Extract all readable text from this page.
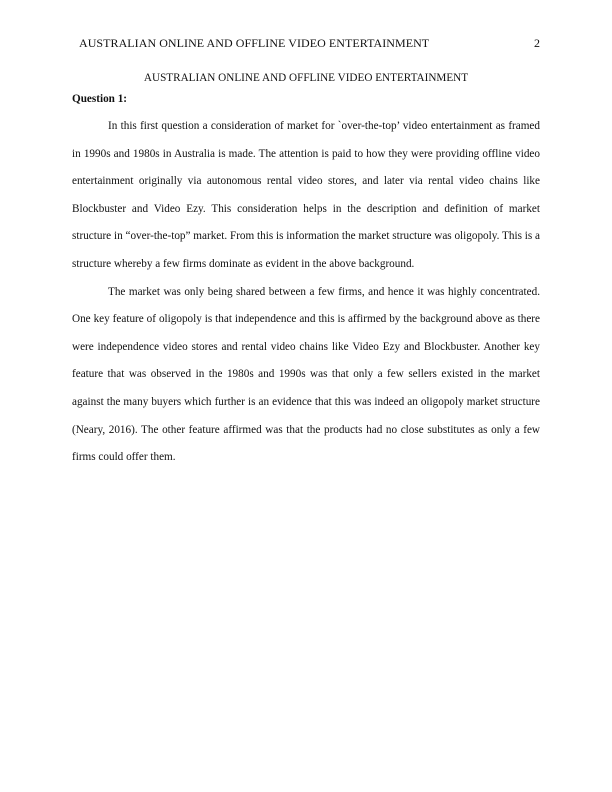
AUSTRALIAN ONLINE AND OFFLINE VIDEO ENTERTAINMENT	2
AUSTRALIAN ONLINE AND OFFLINE VIDEO ENTERTAINMENT
Question 1:

In this first question a consideration of market for `over-the-top’ video entertainment as framed in 1990s and 1980s in Australia is made. The attention is paid to how they were providing offline video entertainment originally via autonomous rental video stores, and later via rental video chains like Blockbuster and Video Ezy. This consideration helps in the description and definition of market structure in “over-the-top” market. From this is information the market structure was oligopoly. This is a structure whereby a few firms dominate as evident in the above background.

The market was only being shared between a few firms, and hence it was highly concentrated. One key feature of oligopoly is that independence and this is affirmed by the background above as there were independence video stores and rental video chains like Video Ezy and Blockbuster. Another key feature that was observed in the 1980s and 1990s was that only a few sellers existed in the market against the many buyers which further is an evidence that this was indeed an oligopoly market structure (Neary, 2016). The other feature affirmed was that the products had no close substitutes as only a few firms could offer them.
